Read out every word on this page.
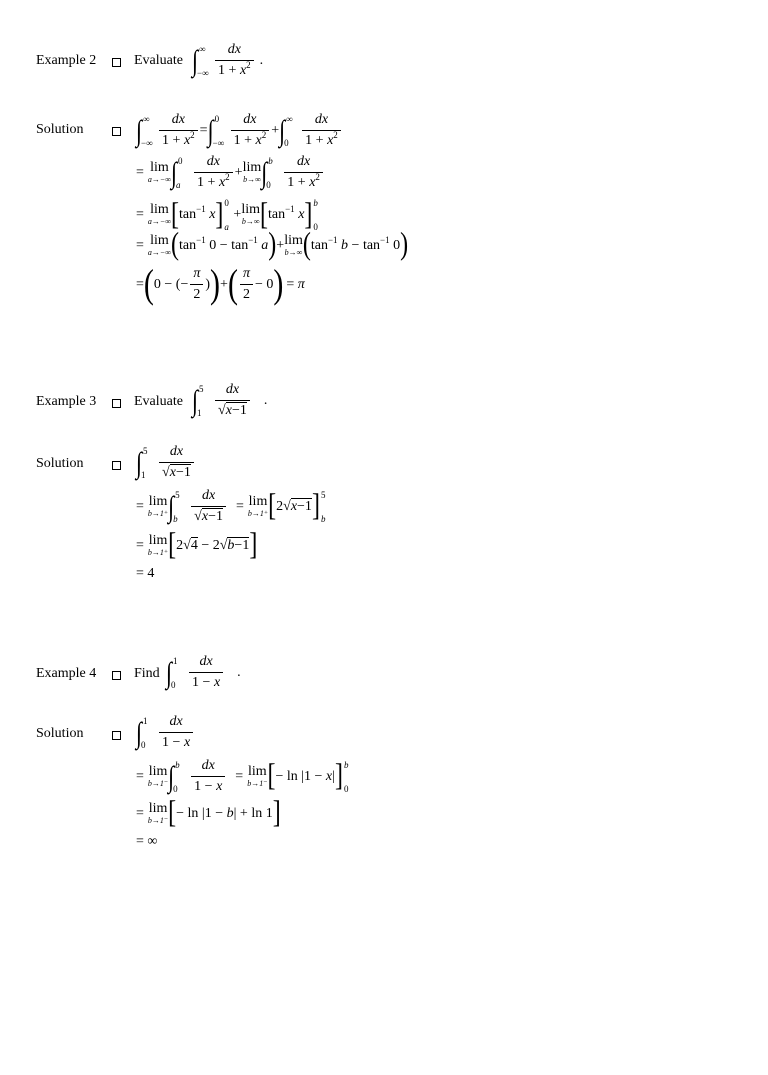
Example 2	Evaluate ∫ ∞
−∞ $\frac{dx}{1 + x^2}$ .
Solution ∫ ∞
−∞ $\frac{dx}{1 + x^2}$ = ∫ 0
−∞ $\frac{dx}{1 + x^2}$ + ∫ ∞
$0 \frac{dx}{1 + x^2}$
= lim
a→−∞ ∫ 0
a $\frac{dx}{1 + x^2} + \lim$
b→∞ ∫ b
$0 \frac{dx}{1 + x^2}$
= lim
a→−∞ [ $\tan^{-1} x$ ] 0
a
+ lim
b→∞ [ $\tan^{-1} x$ ] b
0
= lim
a→−∞ ( $\tan^{-1} 0 - \tan^{-1} a$ ) + lim
b→∞ ( $\tan^{-1} b - \tan^{-1} 0$ )
= ( 0 − (− $\frac{\pi}{2}$ ) ) + ( $\frac{\pi}{2} - 0$ ) = π
Example 3	Evaluate ∫ 5
$1 \frac{dx}{√x-1}$ .
Solution ∫ 5
$1 \frac{dx}{√x-1}$
= lim
b→1⁺ ∫ 5
b $\frac{dx}{√x-1} = \lim$
b→1⁺ [ 2√x−1 ] 5
b
= lim
b→1⁺ [ 2√4 − 2√b−1 ]
= 4
Example 4	Find ∫ 1
$0 \frac{dx}{1 - x}$ .
Solution ∫ 1
$0 \frac{dx}{1 - x}$
= lim
b→1⁻ ∫ b
$0 \frac{dx}{1 - x} = \lim$
b→1⁻ [ − ln |1 − x| ] b
0
= lim
b→1⁻ [ − ln |1 − b| + ln 1 ]
= ∞
